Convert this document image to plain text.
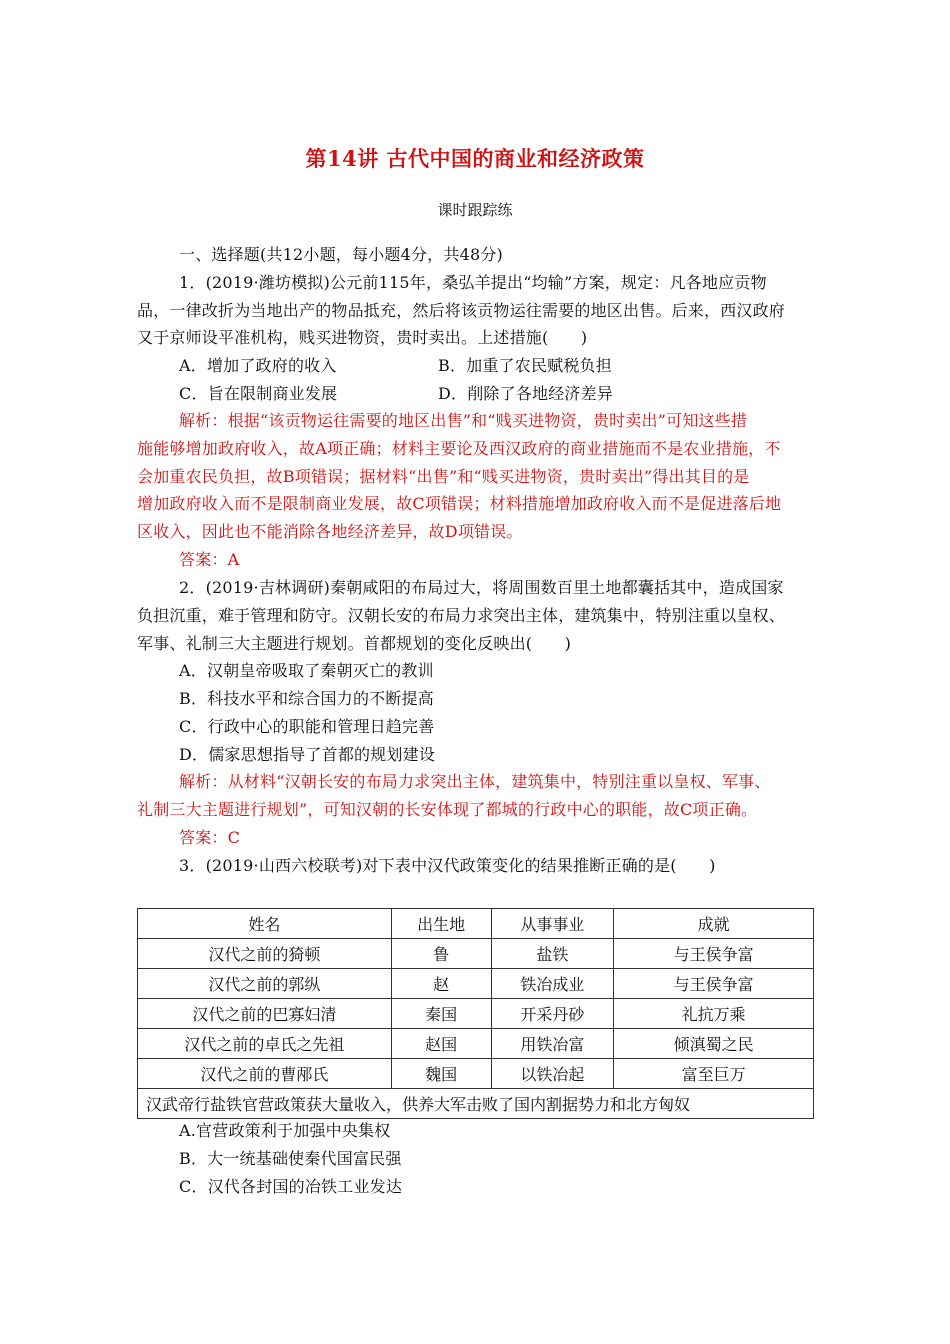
第14讲 古代中国的商业和经济政策
课时跟踪练
一、选择题(共12小题，每小题4分，共48分)
1．(2019·潍坊模拟)公元前115年，桑弘羊提出“均输”方案，规定：凡各地应贡物
品，一律改折为当地出产的物品抵充，然后将该贡物运往需要的地区出售。后来，西汉政府
又于京师设平准机构，贱买进物资，贵时卖出。上述措施(　　)
A．增加了政府的收入	B．加重了农民赋税负担
C．旨在限制商业发展	D．削除了各地经济差异
解析：根据“该贡物运往需要的地区出售”和“贱买进物资，贵时卖出”可知这些措
施能够增加政府收入，故A项正确；材料主要论及西汉政府的商业措施而不是农业措施，不
会加重农民负担，故B项错误；据材料“出售”和“贱买进物资，贵时卖出”得出其目的是
增加政府收入而不是限制商业发展，故C项错误；材料措施增加政府收入而不是促进落后地
区收入，因此也不能消除各地经济差异，故D项错误。
答案：A
2．(2019·吉林调研)秦朝咸阳的布局过大，将周围数百里土地都囊括其中，造成国家
负担沉重，难于管理和防守。汉朝长安的布局力求突出主体，建筑集中，特别注重以皇权、
军事、礼制三大主题进行规划。首都规划的变化反映出(　　)
A．汉朝皇帝吸取了秦朝灭亡的教训
B．科技水平和综合国力的不断提高
C．行政中心的职能和管理日趋完善
D．儒家思想指导了首都的规划建设
解析：从材料“汉朝长安的布局力求突出主体，建筑集中，特别注重以皇权、军事、
礼制三大主题进行规划”，可知汉朝的长安体现了都城的行政中心的职能，故C项正确。
答案：C
3．(2019·山西六校联考)对下表中汉代政策变化的结果推断正确的是(　　)
姓名	出生地	从事事业	成就
汉代之前的猗顿	鲁	盐铁	与王侯争富
汉代之前的郭纵	赵	铁冶成业	与王侯争富
汉代之前的巴寡妇清	秦国	开采丹砂	礼抗万乘
汉代之前的卓氏之先祖	赵国	用铁冶富	倾滇蜀之民
汉代之前的曹邴氏	魏国	以铁冶起	富至巨万
汉武帝行盐铁官营政策获大量收入，供养大军击败了国内割据势力和北方匈奴			
A.官营政策利于加强中央集权
B．大一统基础使秦代国富民强
C．汉代各封国的冶铁工业发达
